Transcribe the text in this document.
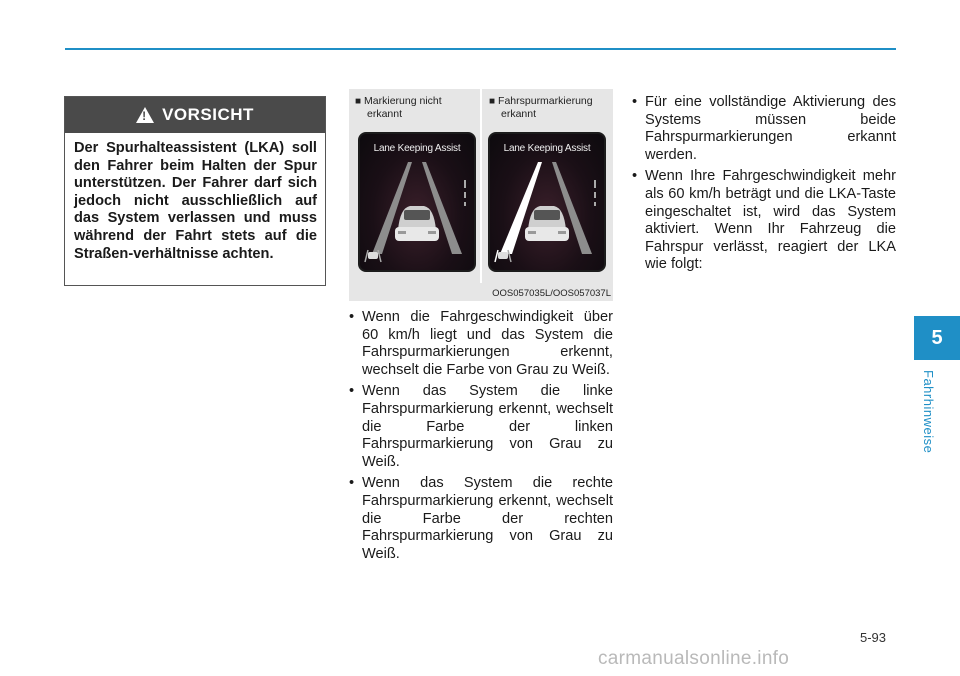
!
VORSICHT
Der Spurhalteassistent (LKA) soll den Fahrer beim Halten der Spur unterstützen. Der Fahrer darf sich jedoch nicht ausschließlich auf das System verlassen und muss während der Fahrt stets auf die Straßen-verhältnisse achten.
■ Markierung nicht
erkannt
■ Fahrspurmarkierung
erkannt
Lane Keeping Assist	Lane Keeping Assist
OOS057035L/OOS057037L
• Wenn die Fahrgeschwindigkeit über 60 km/h liegt und das System die Fahrspurmarkierungen erkennt, wechselt die Farbe von Grau zu Weiß.
• Wenn das System die linke Fahrspurmarkierung erkennt, wechselt die Farbe der linken Fahrspurmarkierung von Grau zu Weiß.
• Wenn das System die rechte Fahrspurmarkierung erkennt, wechselt die Farbe der rechten Fahrspurmarkierung von Grau zu Weiß.
• Für eine vollständige Aktivierung des Systems müssen beide Fahrspurmarkierungen erkannt werden.
• Wenn Ihre Fahrgeschwindigkeit mehr als 60 km/h beträgt und die LKA-Taste eingeschaltet ist, wird das System aktiviert. Wenn Ihr Fahrzeug die Fahrspur verlässt, reagiert der LKA wie folgt:
5
Fahrhinweise
5-93
carmanualsonline.info
